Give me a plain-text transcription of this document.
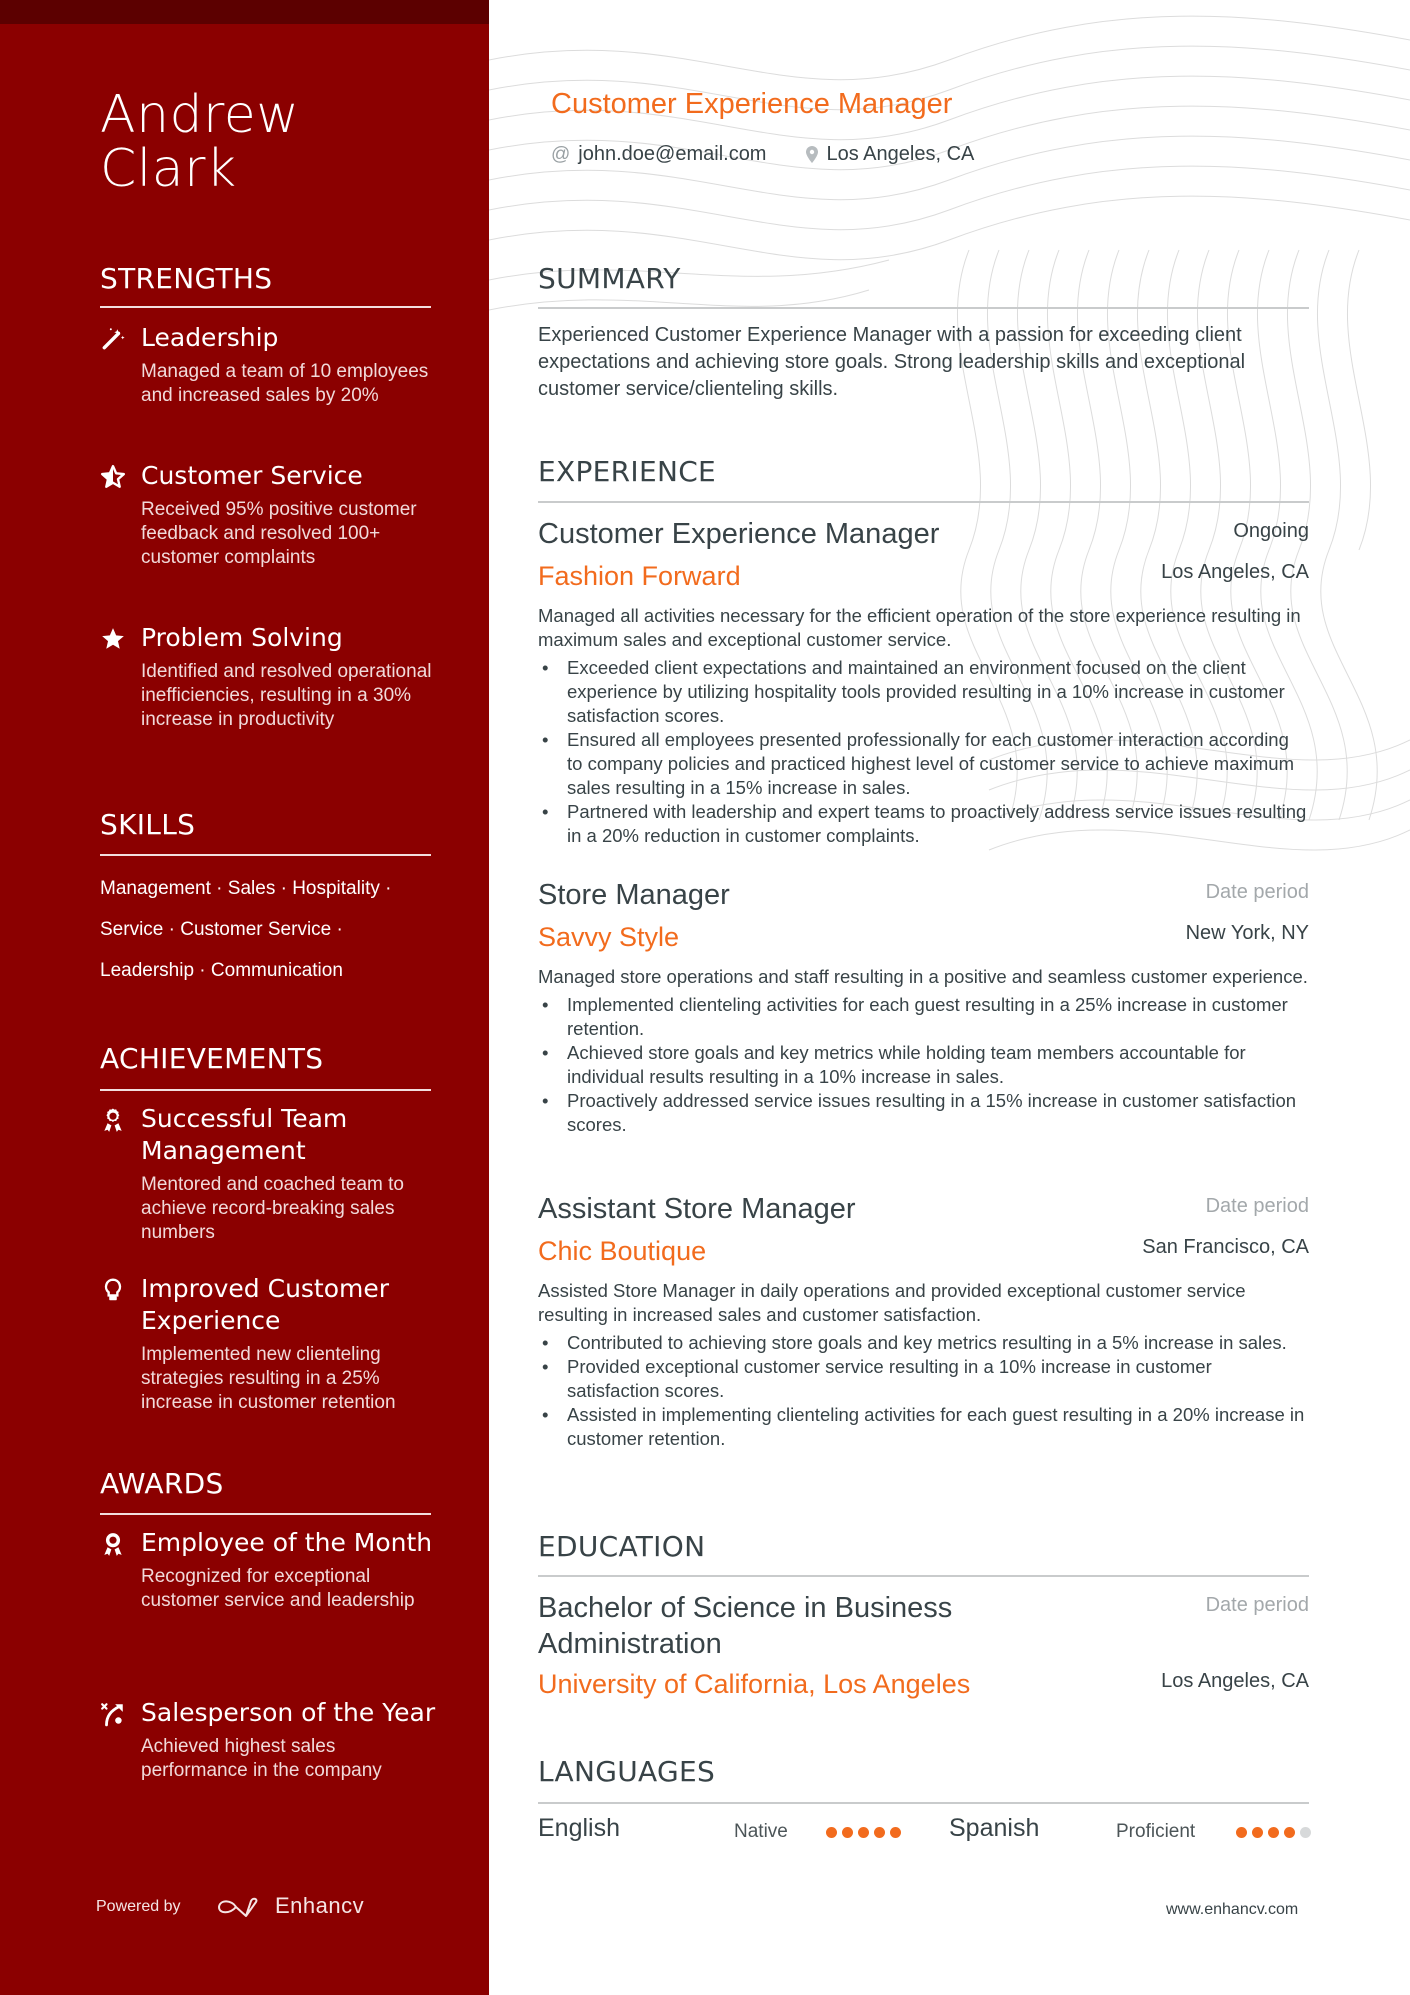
Andrew
Clark
STRENGTHS
Leadership
Managed a team of 10 employees and increased sales by 20%
Customer Service
Received 95% positive customer feedback and resolved 100+ customer complaints
Problem Solving
Identified and resolved operational inefficiencies, resulting in a 30% increase in productivity
SKILLS
Management · Sales · Hospitality ·
Service · Customer Service ·
Leadership · Communication
ACHIEVEMENTS
Successful Team Management
Mentored and coached team to achieve record-breaking sales numbers
Improved Customer Experience
Implemented new clienteling strategies resulting in a 25% increase in customer retention
AWARDS
Employee of the Month
Recognized for exceptional customer service and leadership
Salesperson of the Year
Achieved highest sales performance in the company
Powered by	Enhancv
Customer Experience Manager
@ john.doe@email.com	Los Angeles, CA
SUMMARY
Experienced Customer Experience Manager with a passion for exceeding client expectations and achieving store goals. Strong leadership skills and exceptional customer service/clienteling skills.
EXPERIENCE
Customer Experience Manager	Ongoing
Fashion Forward	Los Angeles, CA
Managed all activities necessary for the efficient operation of the store experience resulting in maximum sales and exceptional customer service.
• Exceeded client expectations and maintained an environment focused on the client experience by utilizing hospitality tools provided resulting in a 10% increase in customer satisfaction scores.
• Ensured all employees presented professionally for each customer interaction according to company policies and practiced highest level of customer service to achieve maximum sales resulting in a 15% increase in sales.
• Partnered with leadership and expert teams to proactively address service issues resulting in a 20% reduction in customer complaints.
Store Manager	Date period
Savvy Style	New York, NY
Managed store operations and staff resulting in a positive and seamless customer experience.
• Implemented clienteling activities for each guest resulting in a 25% increase in customer retention.
• Achieved store goals and key metrics while holding team members accountable for individual results resulting in a 10% increase in sales.
• Proactively addressed service issues resulting in a 15% increase in customer satisfaction scores.
Assistant Store Manager	Date period
Chic Boutique	San Francisco, CA
Assisted Store Manager in daily operations and provided exceptional customer service resulting in increased sales and customer satisfaction.
• Contributed to achieving store goals and key metrics resulting in a 5% increase in sales.
• Provided exceptional customer service resulting in a 10% increase in customer satisfaction scores.
• Assisted in implementing clienteling activities for each guest resulting in a 20% increase in customer retention.
EDUCATION
Bachelor of Science in Business Administration
Date period
University of California, Los Angeles	Los Angeles, CA
LANGUAGES
English	Native	Spanish	Proficient
www.enhancv.com
